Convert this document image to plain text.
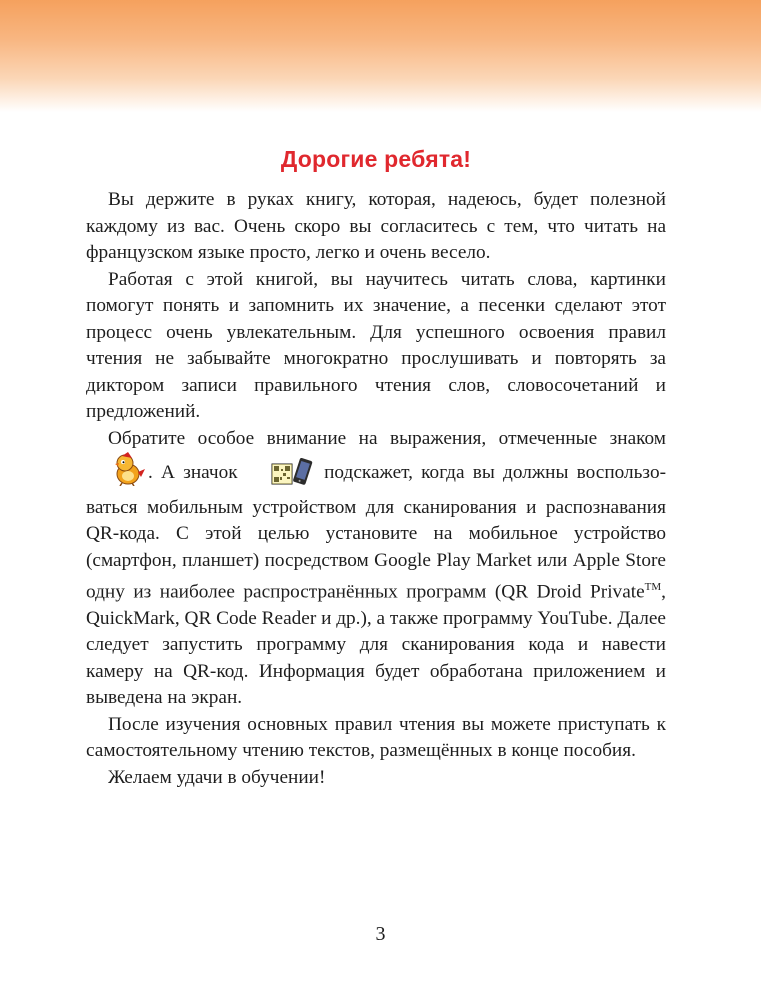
Дорогие ребята!

Вы держите в руках книгу, которая, надеюсь, будет полезной каждому из вас. Очень скоро вы согласитесь с тем, что читать на французском языке просто, легко и очень весело.

Работая с этой книгой, вы научитесь читать слова, картинки помогут понять и запомнить их значение, а песенки сделают этот процесс очень увлекательным. Для успешного освоения правил чтения не забывайте многократно прослушивать и повторять за диктором записи правильного чтения слов, словосочетаний и предложений.

Обратите особое внимание на выражения, отмеченные знаком. А значок	подскажет, когда вы должны воспользоваться мобильным устройством для сканирования и распознавания QR-кода. С этой целью установите на мобильное устройство (смартфон, планшет) посредством Google Play Market или Apple Store одну из наиболее распространённых программ (QR Droid Private™, QuickMark, QR Code Reader и др.), а также программу YouTube. Далее следует запустить программу для сканирования кода и навести камеру на QR-код. Информация будет обработана приложением и выведена на экран.

После изучения основных правил чтения вы можете приступать к самостоятельному чтению текстов, размещённых в конце пособия.

Желаем удачи в обучении!

3
